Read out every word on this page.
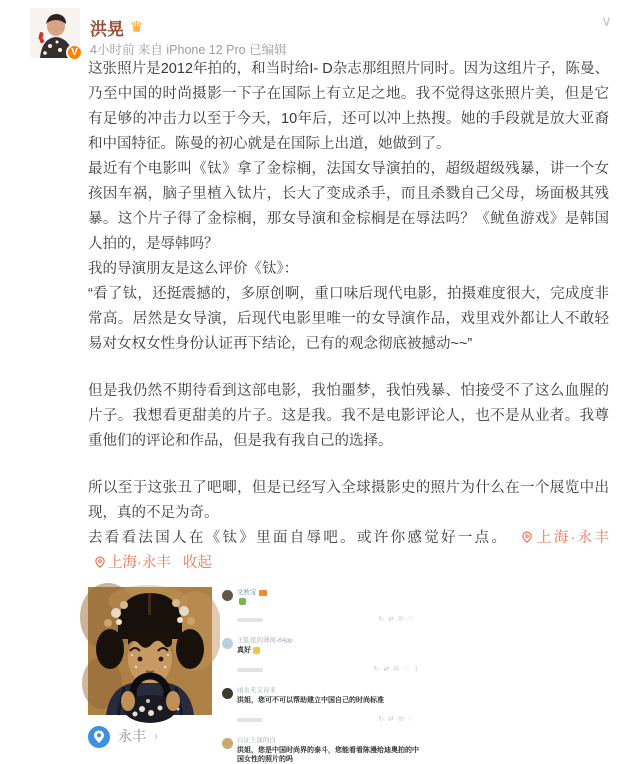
∨
V
洪晃 ♛
4小时前 来自 iPhone 12 Pro 已编辑

这张照片是2012年拍的，和当时给I- D杂志那组照片同时。因为这组片子，陈曼、乃至中国的时尚摄影一下子在国际上有立足之地。我不觉得这张照片美，但是它有足够的冲击力以至于今天，10年后，还可以冲上热搜。她的手段就是放大亚裔和中国特征。陈曼的初心就是在国际上出道，她做到了。

最近有个电影叫《钛》拿了金棕榈，法国女导演拍的，超级超级残暴，讲一个女孩因车祸，脑子里植入钛片，长大了变成杀手，而且杀戮自己父母，场面极其残暴。这个片子得了金棕榈，那女导演和金棕榈是在辱法吗？《鱿鱼游戏》是韩国人拍的，是辱韩吗？

我的导演朋友是这么评价《钛》：

“看了钛，还挺震撼的，多原创啊，重口味后现代电影，拍摄难度很大，完成度非常高。居然是女导演，后现代电影里唯一的女导演作品，戏里戏外都让人不敢轻易对女权女性身份认证再下结论，已有的观念彻底被撼动~~”

但是我仍然不期待看到这部电影，我怕噩梦，我怕残暴、怕接受不了这么血腥的片子。我想看更甜美的片子。这是我。我不是电影评论人，也不是从业者。我尊重他们的评论和作品，但是我有我自己的选择。

所以至于这张丑了吧唧，但是已经写入全球摄影史的照片为什么在一个展览中出现，真的不足为奇。

去看看法国人在《钛》里面自辱吧。或许你感觉好一点。 上海·永丰 上海·永丰 收起

文秋宝
↻ ⇄ ✉ ♡
王陆星的薄荷-64pp
真好
↻ ⇄ ✉ ♡ 1
雨水无义春来
洪姐，您可不可以帮助建立中国自己的时尚标准
↻ ⇄ ✉ ♡
自证上演的白
洪姐，您是中国时尚界的泰斗，您能看看陈漫给迪奥拍的中国女性的照片的吗
永丰 ›
